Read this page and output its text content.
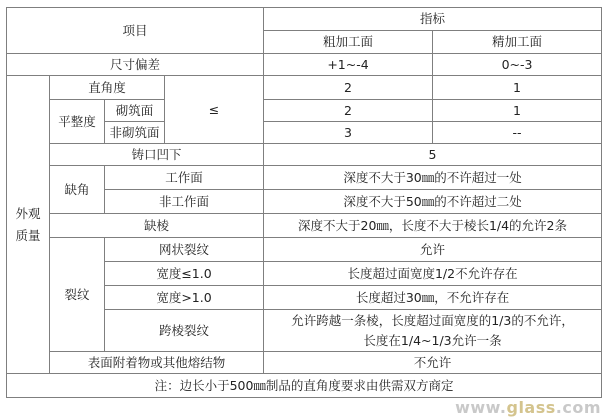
项目				指标	
				粗加工面	精加工面
尺寸偏差				+1~-4	0~-3
外观质量	直角度		≤	2	1
	平整度	砌筑面		2	1
		非砌筑面		3	--
	铸口凹下			5	
	缺角	工作面		深度不大于30㎜的不许超过一处	
		非工作面		深度不大于50㎜的不许超过二处	
	缺棱			深度不大于20㎜，长度不大于棱长1/4的允许2条	
	裂纹	网状裂纹		允许	
		宽度≤1.0		长度超过面宽度1/2不允许存在	
		宽度>1.0		长度超过30㎜，不允许存在	
		跨棱裂纹		允许跨越一条棱，长度超过面宽度的1/3的不允许，
长度在1/4~1/3允许一条	

	表面附着物或其他熔结物			不允许	
注：边长小于500㎜制品的直角度要求由供需双方商定					
www.glass.com
